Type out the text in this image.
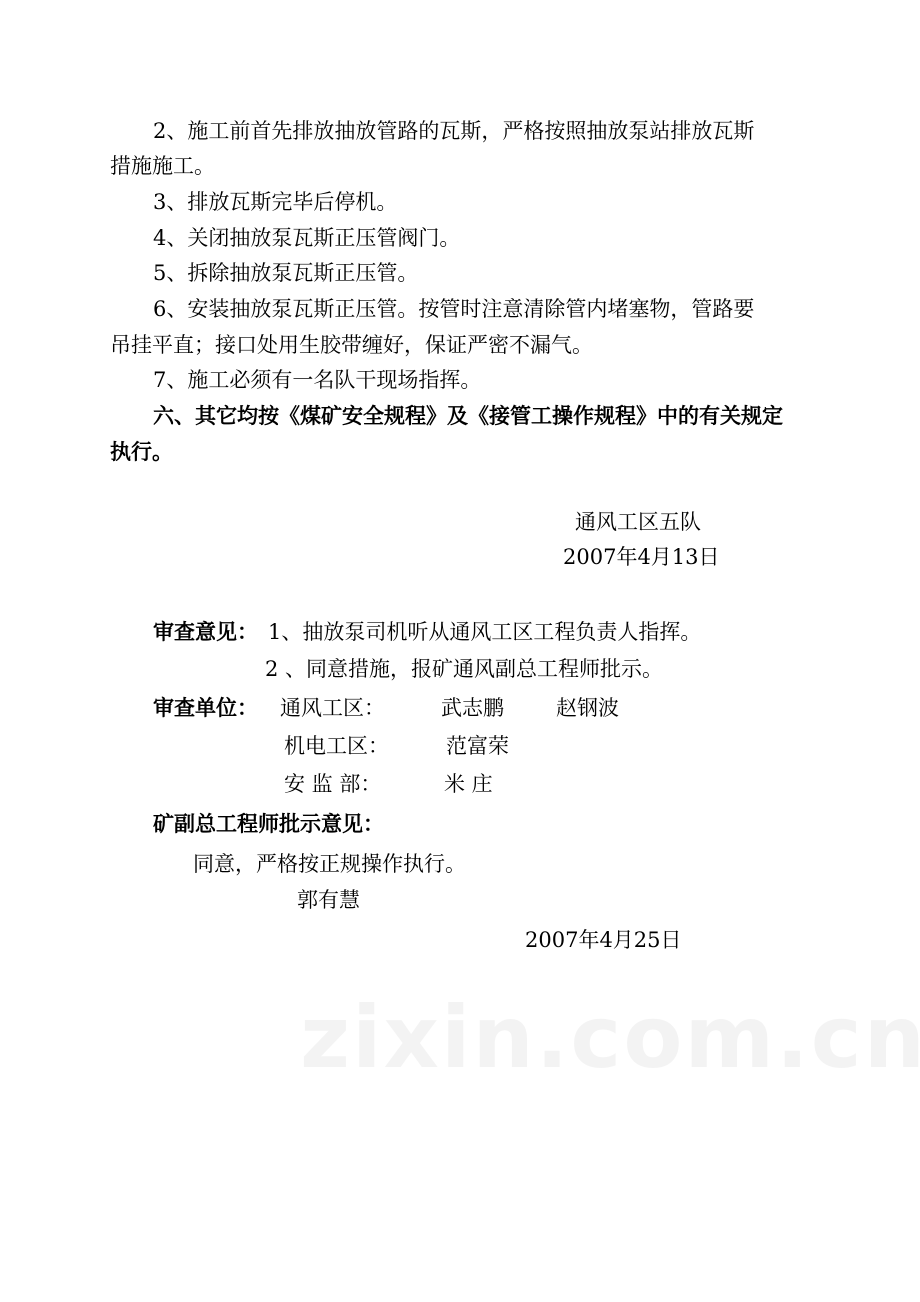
2、施工前首先排放抽放管路的瓦斯，严格按照抽放泵站排放瓦斯
措施施工。
3、排放瓦斯完毕后停机。
4、关闭抽放泵瓦斯正压管阀门。
5、拆除抽放泵瓦斯正压管。
6、安装抽放泵瓦斯正压管。按管时注意清除管内堵塞物，管路要
吊挂平直；接口处用生胶带缠好，保证严密不漏气。
7、施工必须有一名队干现场指挥。
六、其它均按《煤矿安全规程》及《接管工操作规程》中的有关规定
执行。
通风工区五队
2007年4月13日
审查意见： 1、抽放泵司机听从通风工区工程负责人指挥。
2 、同意措施，报矿通风副总工程师批示。
审查单位： 通风工区：	武志鹏 赵钢波
机电工区：	范富荣
安 监 部：	米 庄
矿副总工程师批示意见：
同意，严格按正规操作执行。
郭有慧
2007年4月25日
